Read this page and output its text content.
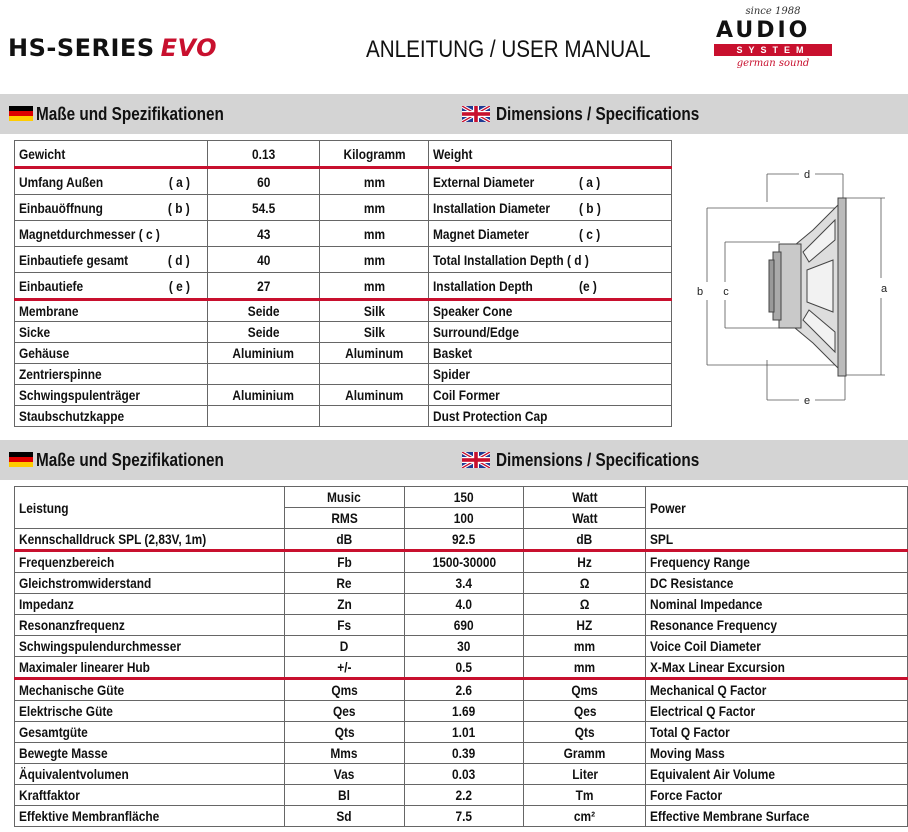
HS-SERIES EVO	ANLEITUNG / USER MANUAL
since 1988
AUDIO
SYSTEM
german sound
Maße und Spezifikationen	Dimensions / Specifications
Gewicht		0.13	Kilogramm	Weight	
Umfang Außen	( a )	60	mm	External Diameter	( a )
Einbauöffnung	( b )	54.5	mm	Installation Diameter	( b )
Magnetdurchmesser ( c )		43	mm	Magnet Diameter	( c )
Einbautiefe gesamt	( d )	40	mm	Total Installation Depth ( d )	
Einbautiefe	( e )	27	mm	Installation Depth	(e )
Membrane		Seide	Silk	Speaker Cone	
Sicke		Seide	Silk	Surround/Edge	
Gehäuse		Aluminium	Aluminum	Basket	
Zentrierspinne				Spider	
Schwingspulenträger		Aluminium	Aluminum	Coil Former	
Staubschutzkappe				Dust Protection Cap	
d
e
a
b c
Maße und Spezifikationen	Dimensions / Specifications
Leistung	Music	150	Watt	Power
	RMS	100	Watt	
Kennschalldruck SPL (2,83V, 1m)	dB	92.5	dB	SPL
Frequenzbereich	Fb	1500-30000	Hz	Frequency Range
Gleichstromwiderstand	Re	3.4	Ω	DC Resistance
Impedanz	Zn	4.0	Ω	Nominal Impedance
Resonanzfrequenz	Fs	690	HZ	Resonance Frequency
Schwingspulendurchmesser	D	30	mm	Voice Coil Diameter
Maximaler linearer Hub	+/-	0.5	mm	X-Max Linear Excursion
Mechanische Güte	Qms	2.6	Qms	Mechanical Q Factor
Elektrische Güte	Qes	1.69	Qes	Electrical Q Factor
Gesamtgüte	Qts	1.01	Qts	Total Q Factor
Bewegte Masse	Mms	0.39	Gramm	Moving Mass
Äquivalentvolumen	Vas	0.03	Liter	Equivalent Air Volume
Kraftfaktor	Bl	2.2	Tm	Force Factor
Effektive Membranfläche	Sd	7.5	cm²	Effective Membrane Surface
